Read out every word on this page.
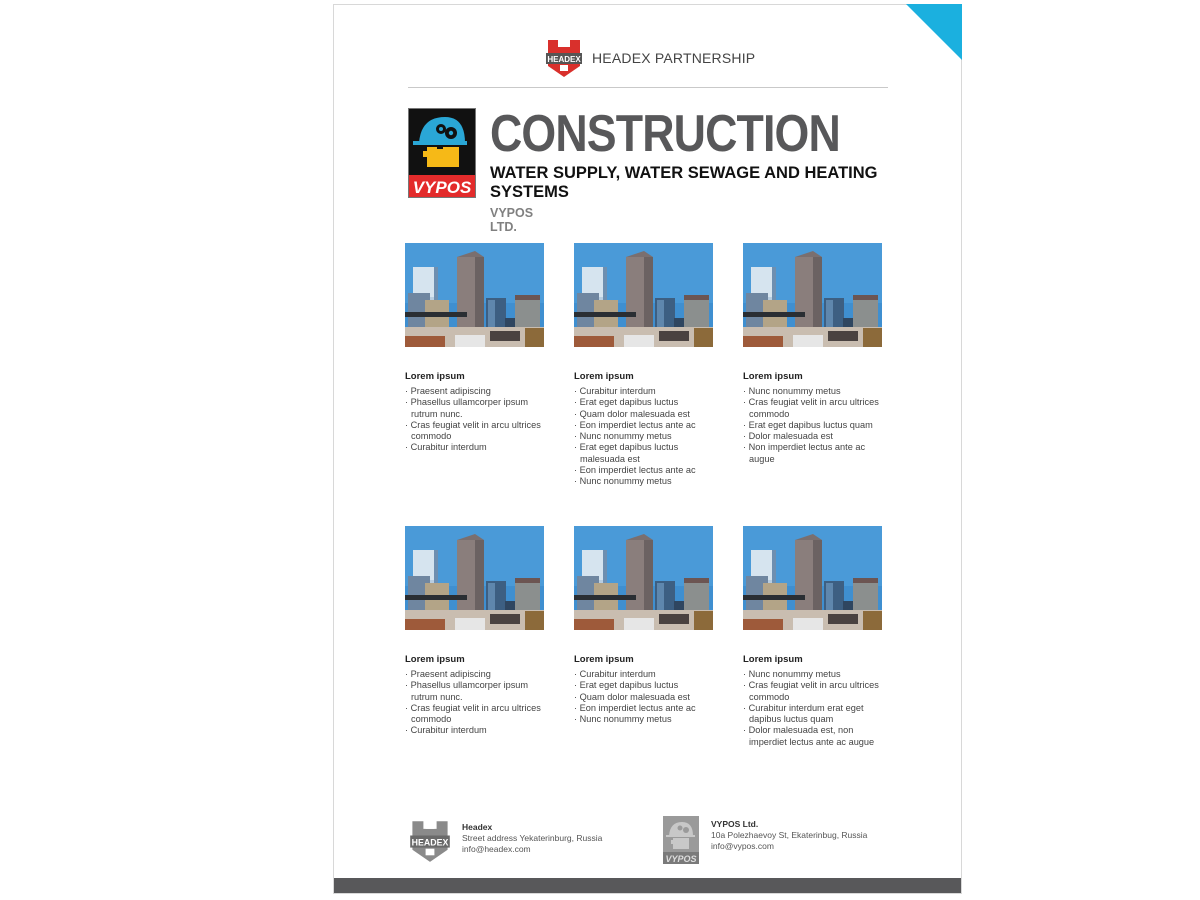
HEADEX HEADEX PARTNERSHIP
VYPOS
CONSTRUCTION
WATER SUPPLY, WATER SEWAGE AND HEATING SYSTEMS
VYPOS LTD.
Lorem ipsum
· Praesent adipiscing
· Phasellus ullamcorper ipsum rutrum nunc.
· Cras feugiat velit in arcu ultrices commodo
· Curabitur interdum
Lorem ipsum
· Curabitur interdum
· Erat eget dapibus luctus
· Quam dolor malesuada est
· Eon imperdiet lectus ante ac
· Nunc nonummy metus
· Erat eget dapibus luctus malesuada est
· Eon imperdiet lectus ante ac
· Nunc nonummy metus
Lorem ipsum
· Nunc nonummy metus
· Cras feugiat velit in arcu ultrices commodo
· Erat eget dapibus luctus quam
· Dolor malesuada est
· Non imperdiet lectus ante ac augue
Lorem ipsum
· Praesent adipiscing
· Phasellus ullamcorper ipsum rutrum nunc.
· Cras feugiat velit in arcu ultrices commodo
· Curabitur interdum
Lorem ipsum
· Curabitur interdum
· Erat eget dapibus luctus
· Quam dolor malesuada est
· Eon imperdiet lectus ante ac
· Nunc nonummy metus
Lorem ipsum
· Nunc nonummy metus
· Cras feugiat velit in arcu ultrices commodo
· Curabitur interdum erat eget dapibus luctus quam
· Dolor malesuada est, non imperdiet lectus ante ac augue
HEADEX
Headex
Street address Yekaterinburg, Russia
info@headex.com
VYPOS
VYPOS Ltd.
10a Polezhaevoy St, Ekaterinbug, Russia
info@vypos.com
